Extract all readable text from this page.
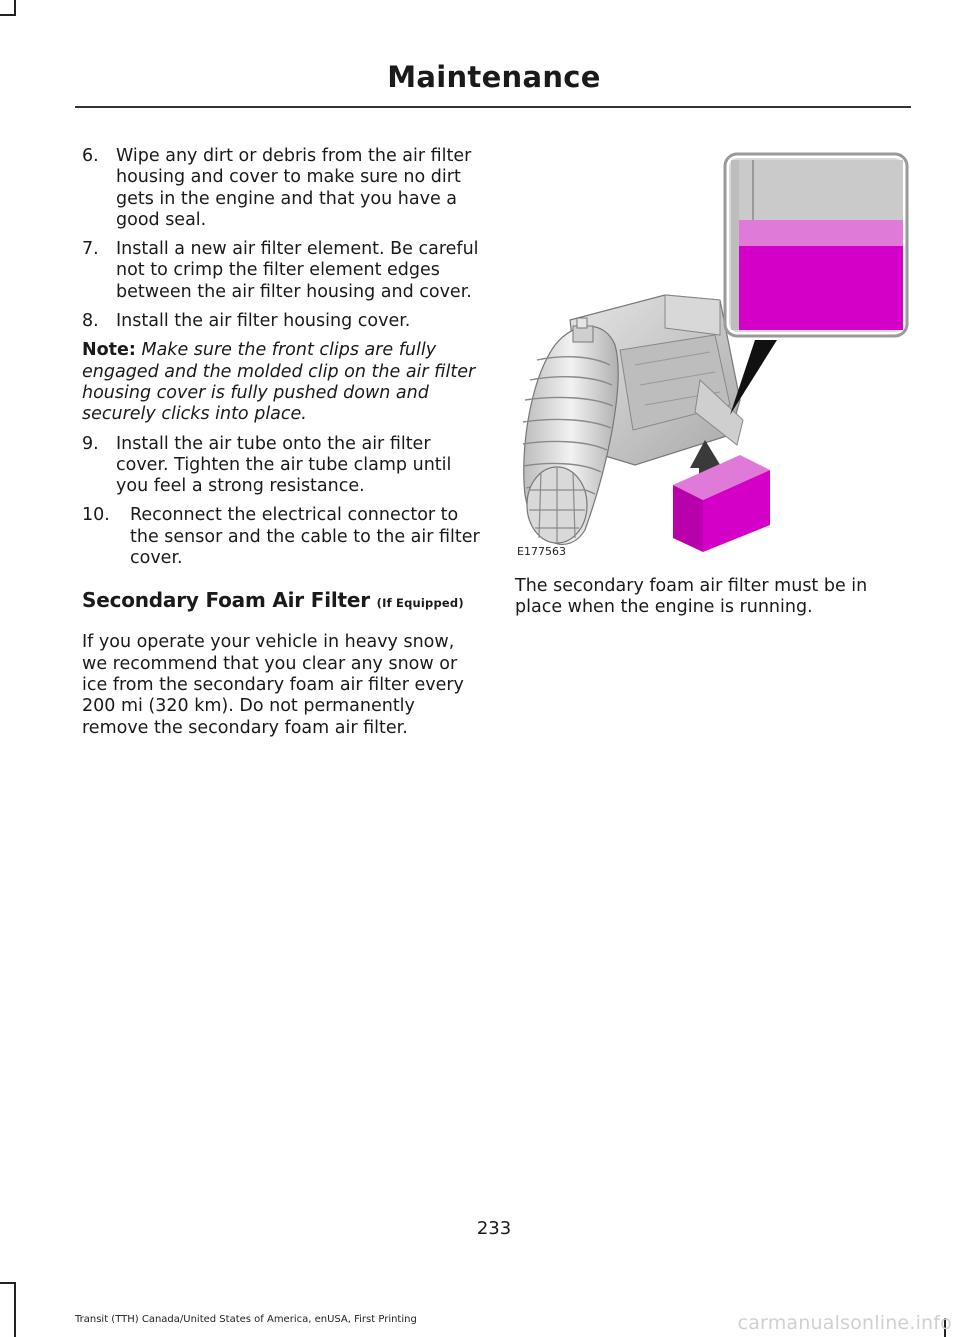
Maintenance
6. Wipe any dirt or debris from the air filter housing and cover to make sure no dirt gets in the engine and that you have a good seal.
7. Install a new air filter element. Be careful not to crimp the filter element edges between the air filter housing and cover.
8. Install the air filter housing cover.

Note: Make sure the front clips are fully engaged and the molded clip on the air filter housing cover is fully pushed down and securely clicks into place.

9. Install the air tube onto the air filter cover. Tighten the air tube clamp until you feel a strong resistance.
10.	Reconnect the electrical connector to the sensor and the cable to the air filter cover.
Secondary Foam Air Filter (If Equipped)

If you operate your vehicle in heavy snow, we recommend that you clear any snow or ice from the secondary foam air filter every 200 mi (320 km). Do not permanently remove the secondary foam air filter.

E177563

The secondary foam air filter must be in place when the engine is running.

233
Transit (TTH) Canada/United States of America, enUSA, First Printing	carmanualsonline.info
